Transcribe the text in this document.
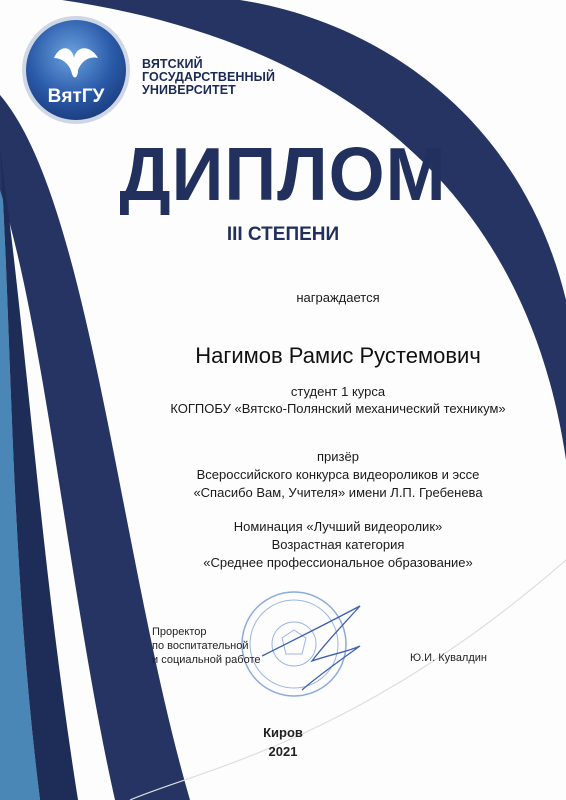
ВятГУ
ВЯТСКИЙ
ГОСУДАРСТВЕННЫЙ
УНИВЕРСИТЕТ
ДИПЛОМ
III СТЕПЕНИ
награждается
Нагимов Рамис Рустемович
студент 1 курса
КОГПОБУ «Вятско-Полянский механический техникум»
призёр
Всероссийского конкурса видеороликов и эссе
«Спасибо Вам, Учителя» имени Л.П. Гребенева
Номинация «Лучший видеоролик»
Возрастная категория
«Среднее профессиональное образование»
Проректор
по воспитательной
и социальной работе	Ю.И. Кувалдин
Киров
2021
